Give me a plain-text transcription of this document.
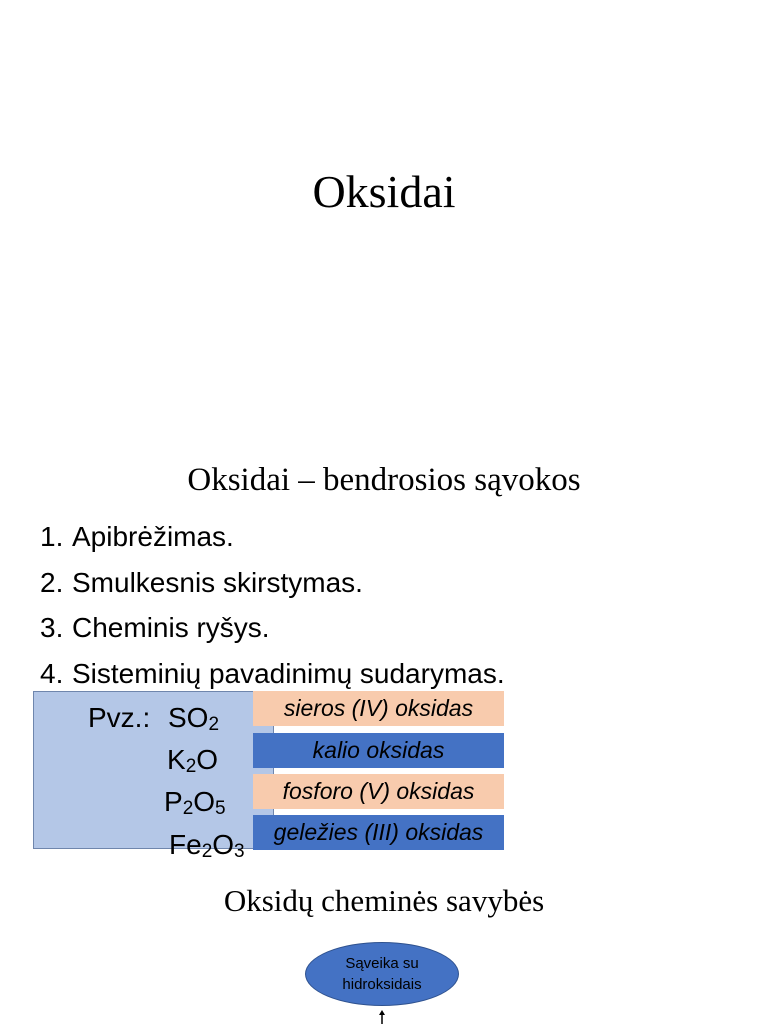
Oksidai
Oksidai – bendrosios sąvokos
1. Apibrėžimas.
2. Smulkesnis skirstymas.
3. Cheminis ryšys.
4. Sisteminių pavadinimų sudarymas.
Pvz.: $SO_2$
$K_2O$
$P_2O_5$
$Fe_2O_3$
sieros (IV) oksidas
kalio oksidas
fosforo (V) oksidas
geležies (III) oksidas
Oksidų cheminės savybės
Sąveika su
hidroksidais
